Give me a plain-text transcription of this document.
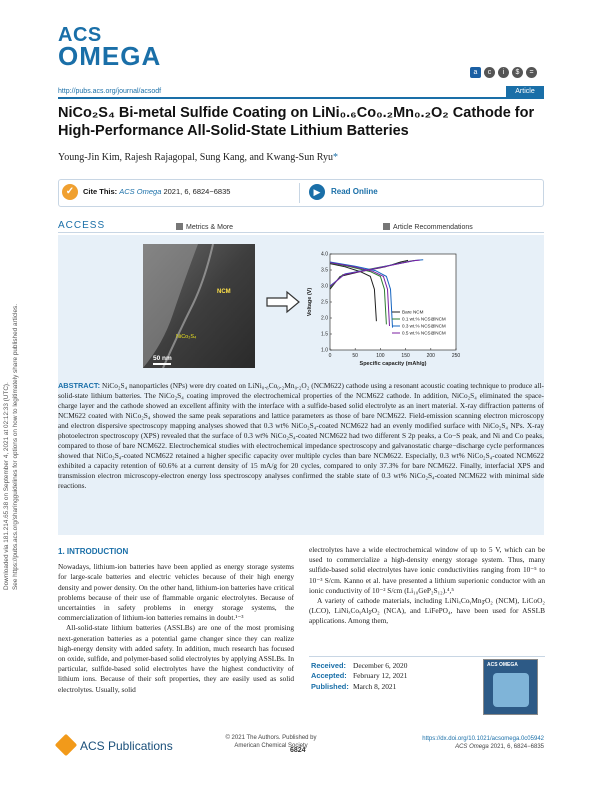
Downloaded via 181.214.65.38 on September 4, 2021 at 02:12:33 (UTC). See https://pubs.acs.org/sharingguidelines for options on how to legitimately share published articles.
ACS
OMEGA
a	c	i	$	=
http://pubs.acs.org/journal/acsodf	Article
NiCo₂S₄ Bi-metal Sulfide Coating on LiNi₀.₆Co₀.₂Mn₀.₂O₂ Cathode for
High-Performance All-Solid-State Lithium Batteries
Young-Jin Kim, Rajesh Rajagopal, Sung Kang, and Kwang-Sun Ryu*
✓	Cite This: ACS Omega 2021, 6, 6824−6835	▶	Read Online
ACCESS	Metrics & More	Article Recommendations
NCM
NiCo₂S₄
50 nm	0	50	100	150	200	250
1.0
1.5
2.0
2.5
3.0
3.5
4.0
Specific capacity (mAh/g)
Voltage (V)	Bare NCM
0.1 wt.% NCS@NCM
0.3 wt.% NCS@NCM
0.5 wt.% NCS@NCM
ABSTRACT: NiCo₂S₄ nanoparticles (NPs) were dry coated on LiNi₀.₆Co₀.₂Mn₀.₂O₂ (NCM622) cathode using a resonant acoustic coating technique to produce all-solid-state lithium batteries. The NiCo₂S₄ coating improved the electrochemical properties of the NCM622 cathode. In addition, NiCo₂S₄ eliminated the space-charge layer and the cathode showed an excellent affinity with the interface with a sulfide-based solid electrolyte as an inert material. X-ray diffraction patterns of NCM622 coated with NiCo₂S₄ showed the same peak separations and lattice parameters as those of bare NCM622. Field-emission scanning electron microscopy and electron dispersive spectroscopy mapping analyses showed that 0.3 wt% NiCo₂S₄-coated NCM622 had an evenly modified surface with NiCo₂S₄ NPs. X-ray photoelectron spectroscopy (XPS) revealed that the surface of 0.3 wt% NiCo₂S₄-coated NCM622 had two different S 2p peaks, a Co−S peak, and Ni and Co peaks, compared to those of bare NCM622. Electrochemical studies with electrochemical impedance spectroscopy and galvanostatic charge−discharge cycle performances showed that NiCo₂S₄-coated NCM622 retained a higher specific capacity over multiple cycles than bare NCM622. Especially, 0.3 wt% NiCo₂S₄-coated NCM622 exhibited a capacity retention of 60.6% at a current density of 15 mA/g for 20 cycles, compared to only 37.3% for bare NCM622. Finally, interfacial XPS and transmission electron microscopy-electron energy loss spectroscopy analyses confirmed the stable state of 0.3 wt% NiCo₂S₄-coated NCM622 with minimal side reactions.
1. INTRODUCTION

Nowadays, lithium-ion batteries have been applied as energy storage systems for large-scale batteries and electric vehicles because of their high energy density and power density. On the other hand, lithium-ion batteries have critical problems because of their use of flammable organic electrolytes. Because of uncertainties in safety problems in energy storage systems, the commercialization of lithium-ion batteries remains in doubt.¹⁻³

All-solid-state lithium batteries (ASSLBs) are one of the most promising next-generation batteries as a potential game changer since they can realize high-energy density with added safety. In addition, much research has focused on oxide, sulfide, and polymer-based solid electrolytes by applying ASSLBs. In particular, sulfide-based solid electrolytes have the highest conductivity of lithium ions. Because of their soft properties, they are easily used as solid electrolytes. Usually, solid

electrolytes have a wide electrochemical window of up to 5 V, which can be used to commercialize a high-density energy storage system. Thus, many sulfide-based solid electrolytes have ionic conductivities ranging from 10⁻⁵ to 10⁻³ S/cm. Kanno et al. have presented a lithium superionic conductor with an ionic conductivity of 10⁻² S/cm (Li₁₀GeP₂S₁₂).⁴,⁵

A variety of cathode materials, including LiNiₓCoᵧMn𝓏O₂ (NCM), LiCoO₂ (LCO), LiNiₓCoᵧAl𝓏O₂ (NCA), and LiFePO₄, have been used for ASSLB applications. Among them,

Received: December 6, 2020
Accepted: February 12, 2021
Published: March 8, 2021
ACS OMEGA
ACS Publications
© 2021 The Authors. Published by
American Chemical Society
6824
https://dx.doi.org/10.1021/acsomega.0c05942
ACS Omega 2021, 6, 6824−6835
